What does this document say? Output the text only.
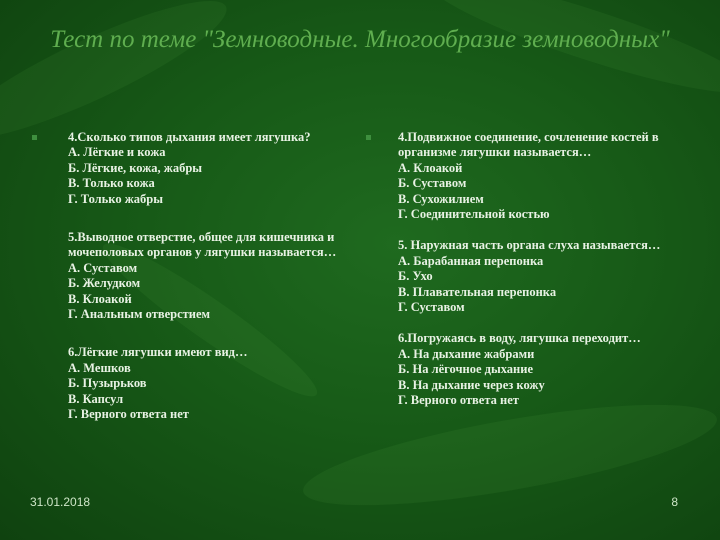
Тест по теме "Земноводные. Многообразие земноводных"

4.Сколько типов дыхания имеет лягушка?
А. Лёгкие и кожа
Б. Лёгкие, кожа, жабры
В. Только кожа
Г. Только жабры

5.Выводное отверстие, общее для кишечника и мочеполовых органов у лягушки называется…
А. Суставом
Б. Желудком
В. Клоакой
Г. Анальным отверстием

6.Лёгкие лягушки имеют вид…
А. Мешков
Б. Пузырьков
В. Капсул
Г. Верного ответа нет

4.Подвижное соединение, сочленение костей в организме лягушки называется…
А. Клоакой
Б. Суставом
В. Сухожилием
Г. Соединительной костью

5. Наружная часть органа слуха называется…
А. Барабанная перепонка
Б. Ухо
В. Плавательная перепонка
Г. Суставом

6.Погружаясь в воду, лягушка переходит…
А. На дыхание жабрами
Б. На лёгочное дыхание
В. На дыхание через кожу
Г. Верного ответа нет

31.01.2018	8
